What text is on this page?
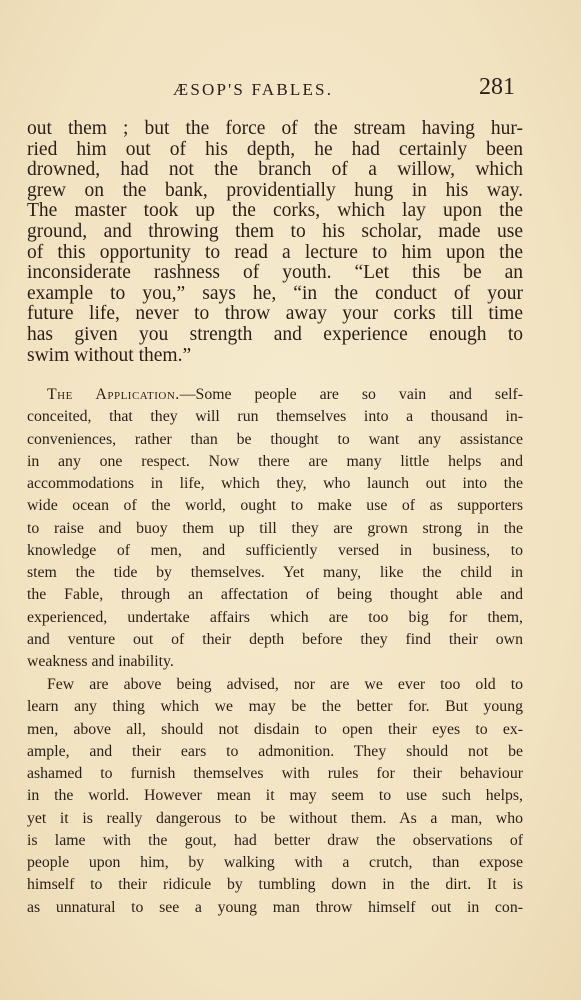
ÆSOP'S FABLES.	281
out them ; but the force of the stream having hur-
ried him out of his depth, he had certainly been
drowned, had not the branch of a willow, which
grew on the bank, providentially hung in his way.
The master took up the corks, which lay upon the
ground, and throwing them to his scholar, made use
of this opportunity to read a lecture to him upon the
inconsiderate rashness of youth. “Let this be an
example to you,” says he, “in the conduct of your
future life, never to throw away your corks till time
has given you strength and experience enough to
swim without them.”
The Application.—Some people are so vain and self-
conceited, that they will run themselves into a thousand in-
conveniences, rather than be thought to want any assistance
in any one respect. Now there are many little helps and
accommodations in life, which they, who launch out into the
wide ocean of the world, ought to make use of as supporters
to raise and buoy them up till they are grown strong in the
knowledge of men, and sufficiently versed in business, to
stem the tide by themselves. Yet many, like the child in
the Fable, through an affectation of being thought able and
experienced, undertake affairs which are too big for them,
and venture out of their depth before they find their own
weakness and inability.
Few are above being advised, nor are we ever too old to
learn any thing which we may be the better for. But young
men, above all, should not disdain to open their eyes to ex-
ample, and their ears to admonition. They should not be
ashamed to furnish themselves with rules for their behaviour
in the world. However mean it may seem to use such helps,
yet it is really dangerous to be without them. As a man, who
is lame with the gout, had better draw the observations of
people upon him, by walking with a crutch, than expose
himself to their ridicule by tumbling down in the dirt. It is
as unnatural to see a young man throw himself out in con-
